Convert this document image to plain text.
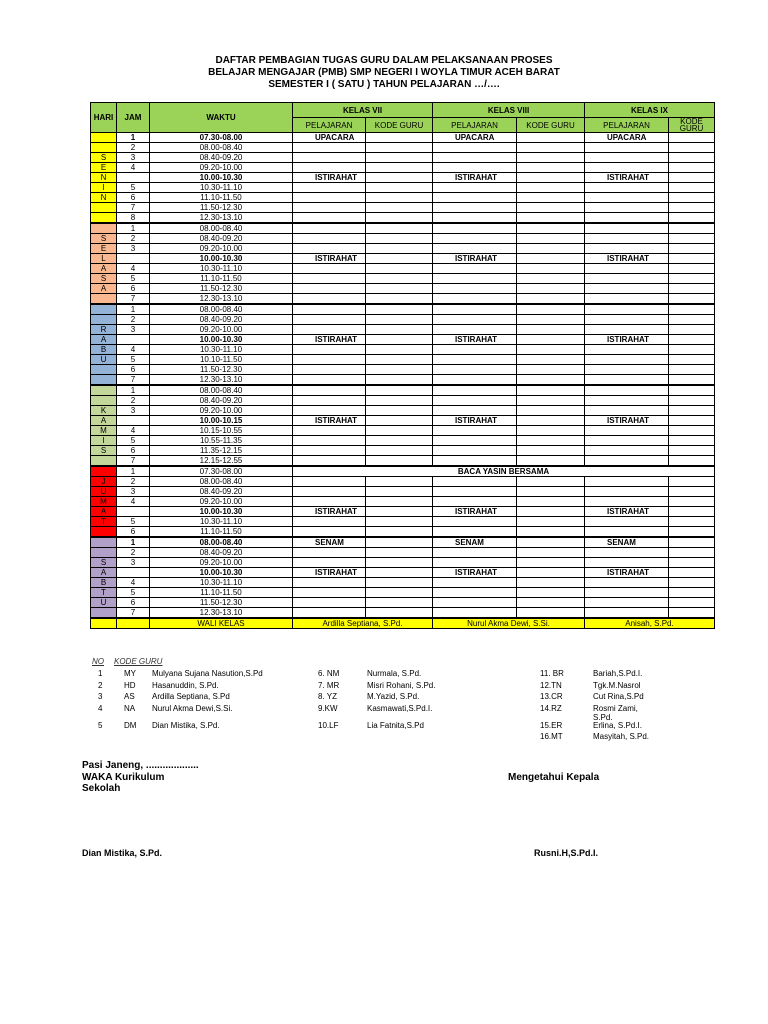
DAFTAR PEMBAGIAN TUGAS GURU DALAM PELAKSANAAN PROSES
BELAJAR MENGAJAR (PMB) SMP NEGERI I WOYLA TIMUR ACEH BARAT
SEMESTER I ( SATU ) TAHUN PELAJARAN …/….
HARI	JAM	WAKTU	KELAS VII		KELAS VIII		KELAS IX	
			PELAJARAN	KODE GURU	PELAJARAN	KODE GURU	PELAJARAN	KODE GURU
	1	07.30-08.00	UPACARA		UPACARA		UPACARA	
	2	08.00-08.40						
S	3	08.40-09.20						
E	4	09.20-10.00						
N		10.00-10.30	ISTIRAHAT		ISTIRAHAT		ISTIRAHAT	
I	5	10.30-11.10						
N	6	11.10-11.50						
	7	11.50-12.30						
	8	12.30-13.10						
	1	08.00-08.40						
S	2	08.40-09.20						
E	3	09.20-10.00						
L		10.00-10.30	ISTIRAHAT		ISTIRAHAT		ISTIRAHAT	
A	4	10.30-11.10						
S	5	11.10-11.50						
A	6	11.50-12.30						
	7	12.30-13.10						
	1	08.00-08.40						
	2	08.40-09.20						
R	3	09.20-10.00						
A		10.00-10.30	ISTIRAHAT		ISTIRAHAT		ISTIRAHAT	
B	4	10.30-11.10						
U	5	10.10-11.50						
	6	11.50-12.30						
	7	12.30-13.10						
	1	08.00-08.40						
	2	08.40-09.20						
K	3	09.20-10.00						
A		10.00-10.15	ISTIRAHAT		ISTIRAHAT		ISTIRAHAT	
M	4	10.15-10.55						
I	5	10.55-11.35						
S	6	11.35-12.15						
	7	12.15-12.55						
	1	07.30-08.00	BACA YASIN BERSAMA					
J	2	08.00-08.40						
U	3	08.40-09.20						
M	4	09.20-10.00						
A		10.00-10.30	ISTIRAHAT		ISTIRAHAT		ISTIRAHAT	
T	5	10.30-11.10						
	6	11.10-11.50						
	1	08.00-08.40	SENAM		SENAM		SENAM	
	2	08.40-09.20						
S	3	09.20-10.00						
A		10.00-10.30	ISTIRAHAT		ISTIRAHAT		ISTIRAHAT	
B	4	10.30-11.10						
T	5	11.10-11.50						
U	6	11.50-12.30						
	7	12.30-13.10						
		WALI KELAS	Ardilla Septiana, S.Pd.		Nurul Akma Dewi, S.Si.		Anisah, S.Pd.	
NO KODE GURU
1	MY Mulyana Sujana Nasution,S.Pd
2	HD Hasanuddin, S.Pd.
3	AS Ardilla Septiana, S.Pd
4	NA Nurul Akma Dewi,S.Si.
5	DM Dian Mistika, S.Pd.
6. NM	Nurmala, S.Pd.
7. MR	Misri Rohani, S.Pd.
8. YZ	M.Yazid, S.Pd.
9.KW	Kasmawati,S.Pd.I.
10.LF	Lia Fatnita,S.Pd
11. BR	Bariah,S.Pd.I.
12.TN	Tgk.M.Nasrol
13.CR	Cut Rina,S.Pd
14.RZ	Rosmi Zami, S.Pd.
15.ER	Erlina, S.Pd.I.
16.MT	Masyitah, S.Pd.
Pasi Janeng, ...................
WAKA Kurikulum
Sekolah
Mengetahui Kepala
Dian Mistika, S.Pd.	Rusni.H,S.Pd.I.
